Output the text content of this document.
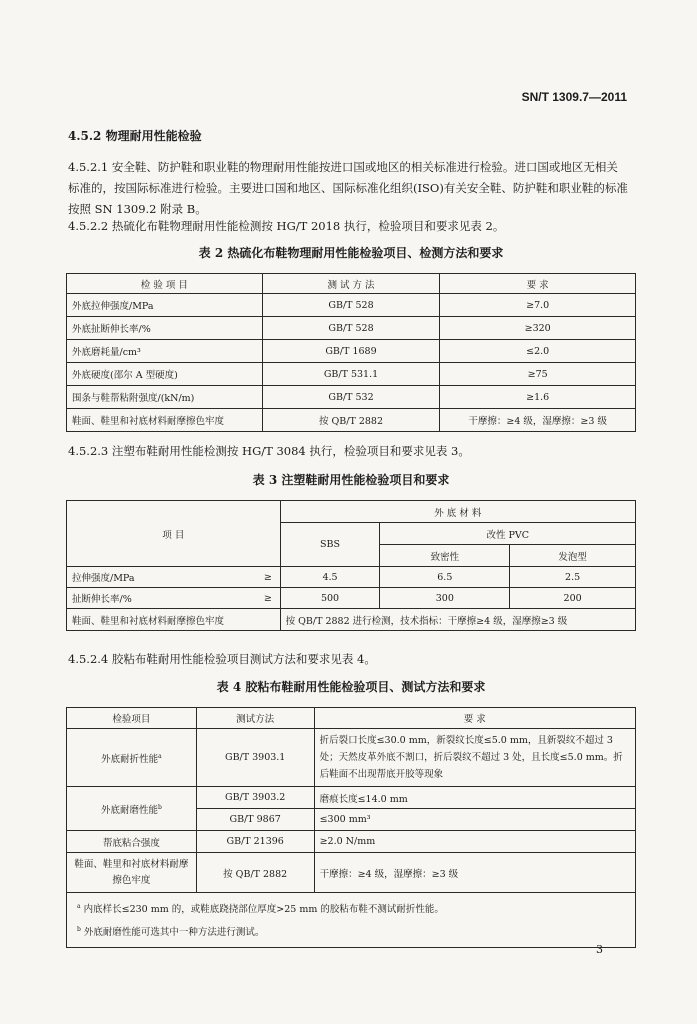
SN/T 1309.7—2011
4.5.2 物理耐用性能检验

4.5.2.1 安全鞋、防护鞋和职业鞋的物理耐用性能按进口国或地区的相关标准进行检验。进口国或地区无相关标准的，按国际标准进行检验。主要进口国和地区、国际标准化组织(ISO)有关安全鞋、防护鞋和职业鞋的标准按照 SN 1309.2 附录 B。

4.5.2.2 热硫化布鞋物理耐用性能检测按 HG/T 2018 执行，检验项目和要求见表 2。

表 2 热硫化布鞋物理耐用性能检验项目、检测方法和要求
检 验 项 目	测 试 方 法	要 求
外底拉伸强度/MPa	GB/T 528	≥7.0
外底扯断伸长率/%	GB/T 528	≥320
外底磨耗量/cm³	GB/T 1689	≤2.0
外底硬度(邵尔 A 型硬度)	GB/T 531.1	≥75
围条与鞋帮粘附强度/(kN/m)	GB/T 532	≥1.6
鞋面、鞋里和衬底材料耐摩擦色牢度	按 QB/T 2882	干摩擦：≥4 级，湿摩擦：≥3 级

4.5.2.3 注塑布鞋耐用性能检测按 HG/T 3084 执行，检验项目和要求见表 3。

表 3 注塑鞋耐用性能检验项目和要求
项 目		外 底 材 料		
		SBS	改性 PVC	
			致密性	发泡型
拉伸强度/MPa	≥	4.5	6.5	2.5
扯断伸长率/%	≥	500	300	200
鞋面、鞋里和衬底材料耐摩擦色牢度		按 QB/T 2882 进行检测，技术指标：干摩擦≥4 级，湿摩擦≥3 级		

4.5.2.4 胶粘布鞋耐用性能检验项目测试方法和要求见表 4。

表 4 胶粘布鞋耐用性能检验项目、测试方法和要求
检验项目	测试方法	要 求
外底耐折性能$^a$	GB/T 3903.1	折后裂口长度≤30.0 mm，新裂纹长度≤5.0 mm，且新裂纹不超过 3 处；天然皮革外底不割口，折后裂纹不超过 3 处，且长度≤5.0 mm。折后鞋面不出现帮底开胶等现象
外底耐磨性能$^b$	GB/T 3903.2	磨痕长度≤14.0 mm
	GB/T 9867	≤300 mm³
帮底粘合强度	GB/T 21396	≥2.0 N/mm
鞋面、鞋里和衬底材料耐摩擦色牢度	按 QB/T 2882	干摩擦：≥4 级，湿摩擦：≥3 级

$^a$ 内底样长≤230 mm 的，或鞋底跷挠部位厚度>25 mm 的胶粘布鞋不测试耐折性能。
$^b$ 外底耐磨性能可选其中一种方法进行测试。		
3
